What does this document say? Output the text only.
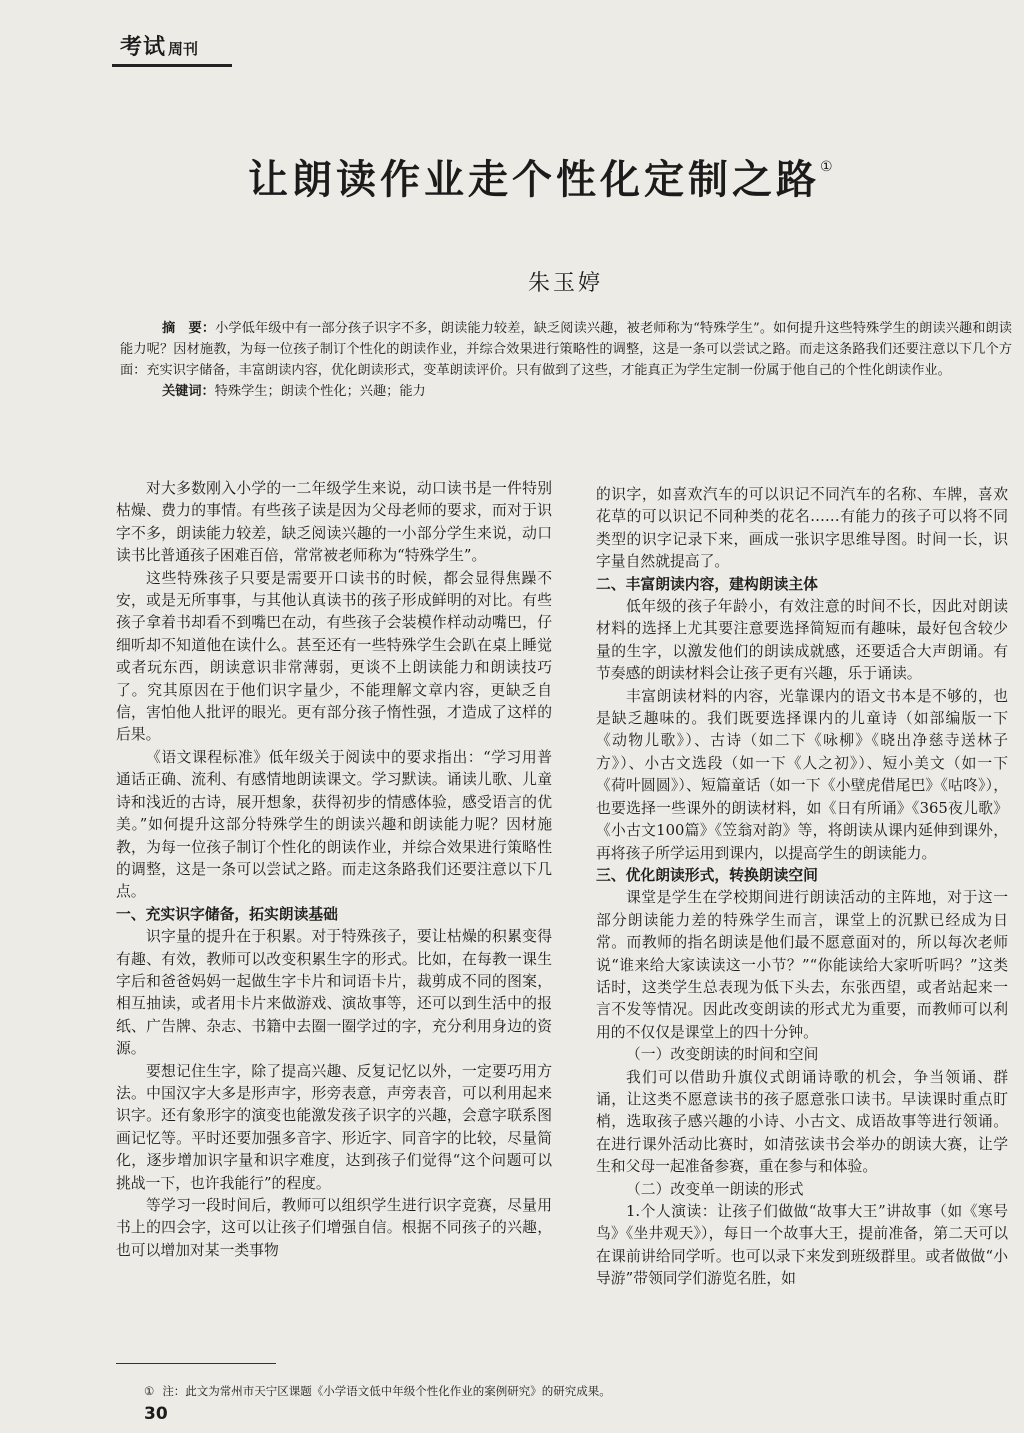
考试 周刊
让朗读作业走个性化定制之路①
朱玉婷

摘　要：小学低年级中有一部分孩子识字不多，朗读能力较差，缺乏阅读兴趣，被老师称为“特殊学生”。如何提升这些特殊学生的朗读兴趣和朗读能力呢？因材施教，为每一位孩子制订个性化的朗读作业，并综合效果进行策略性的调整，这是一条可以尝试之路。而走这条路我们还要注意以下几个方面：充实识字储备，丰富朗读内容，优化朗读形式，变革朗读评价。只有做到了这些，才能真正为学生定制一份属于他自己的个性化朗读作业。

关键词：特殊学生；朗读个性化；兴趣；能力

对大多数刚入小学的一二年级学生来说，动口读书是一件特别枯燥、费力的事情。有些孩子读是因为父母老师的要求，而对于识字不多，朗读能力较差，缺乏阅读兴趣的一小部分学生来说，动口读书比普通孩子困难百倍，常常被老师称为“特殊学生”。

这些特殊孩子只要是需要开口读书的时候，都会显得焦躁不安，或是无所事事，与其他认真读书的孩子形成鲜明的对比。有些孩子拿着书却看不到嘴巴在动，有些孩子会装模作样动动嘴巴，仔细听却不知道他在读什么。甚至还有一些特殊学生会趴在桌上睡觉或者玩东西，朗读意识非常薄弱，更谈不上朗读能力和朗读技巧了。究其原因在于他们识字量少，不能理解文章内容，更缺乏自信，害怕他人批评的眼光。更有部分孩子惰性强，才造成了这样的后果。

《语文课程标准》低年级关于阅读中的要求指出：“学习用普通话正确、流利、有感情地朗读课文。学习默读。诵读儿歌、儿童诗和浅近的古诗，展开想象，获得初步的情感体验，感受语言的优美。”如何提升这部分特殊学生的朗读兴趣和朗读能力呢？因材施教，为每一位孩子制订个性化的朗读作业，并综合效果进行策略性的调整，这是一条可以尝试之路。而走这条路我们还要注意以下几点。

一、充实识字储备，拓实朗读基础

识字量的提升在于积累。对于特殊孩子，要让枯燥的积累变得有趣、有效，教师可以改变积累生字的形式。比如，在每教一课生字后和爸爸妈妈一起做生字卡片和词语卡片，裁剪成不同的图案，相互抽读，或者用卡片来做游戏、演故事等，还可以到生活中的报纸、广告牌、杂志、书籍中去圈一圈学过的字，充分利用身边的资源。

要想记住生字，除了提高兴趣、反复记忆以外，一定要巧用方法。中国汉字大多是形声字，形旁表意，声旁表音，可以利用起来识字。还有象形字的演变也能激发孩子识字的兴趣，会意字联系图画记忆等。平时还要加强多音字、形近字、同音字的比较，尽量简化，逐步增加识字量和识字难度，达到孩子们觉得“这个问题可以挑战一下，也许我能行”的程度。

等学习一段时间后，教师可以组织学生进行识字竞赛，尽量用书上的四会字，这可以让孩子们增强自信。根据不同孩子的兴趣，也可以增加对某一类事物

的识字，如喜欢汽车的可以识记不同汽车的名称、车牌，喜欢花草的可以识记不同种类的花名……有能力的孩子可以将不同类型的识字记录下来，画成一张识字思维导图。时间一长，识字量自然就提高了。

二、丰富朗读内容，建构朗读主体

低年级的孩子年龄小，有效注意的时间不长，因此对朗读材料的选择上尤其要注意要选择简短而有趣味，最好包含较少量的生字，以激发他们的朗读成就感，还要适合大声朗诵。有节奏感的朗读材料会让孩子更有兴趣，乐于诵读。

丰富朗读材料的内容，光靠课内的语文书本是不够的，也是缺乏趣味的。我们既要选择课内的儿童诗（如部编版一下《动物儿歌》）、古诗（如二下《咏柳》《晓出净慈寺送林子方》）、小古文选段（如一下《人之初》）、短小美文（如一下《荷叶圆圆》）、短篇童话（如一下《小壁虎借尾巴》《咕咚》），也要选择一些课外的朗读材料，如《日有所诵》《365夜儿歌》《小古文100篇》《笠翁对韵》等，将朗读从课内延伸到课外，再将孩子所学运用到课内，以提高学生的朗读能力。

三、优化朗读形式，转换朗读空间

课堂是学生在学校期间进行朗读活动的主阵地，对于这一部分朗读能力差的特殊学生而言，课堂上的沉默已经成为日常。而教师的指名朗读是他们最不愿意面对的，所以每次老师说“谁来给大家读读这一小节？”“你能读给大家听听吗？”这类话时，这类学生总表现为低下头去，东张西望，或者站起来一言不发等情况。因此改变朗读的形式尤为重要，而教师可以利用的不仅仅是课堂上的四十分钟。

（一）改变朗读的时间和空间

我们可以借助升旗仪式朗诵诗歌的机会，争当领诵、群诵，让这类不愿意读书的孩子愿意张口读书。早读课时重点盯梢，选取孩子感兴趣的小诗、小古文、成语故事等进行领诵。在进行课外活动比赛时，如清弦读书会举办的朗读大赛，让学生和父母一起准备参赛，重在参与和体验。

（二）改变单一朗读的形式

1.个人演读：让孩子们做做“故事大王”讲故事（如《寒号鸟》《坐井观天》），每日一个故事大王，提前准备，第二天可以在课前讲给同学听。也可以录下来发到班级群里。或者做做“小导游”带领同学们游览名胜，如

① 注：此文为常州市天宁区课题《小学语文低中年级个性化作业的案例研究》的研究成果。
30
